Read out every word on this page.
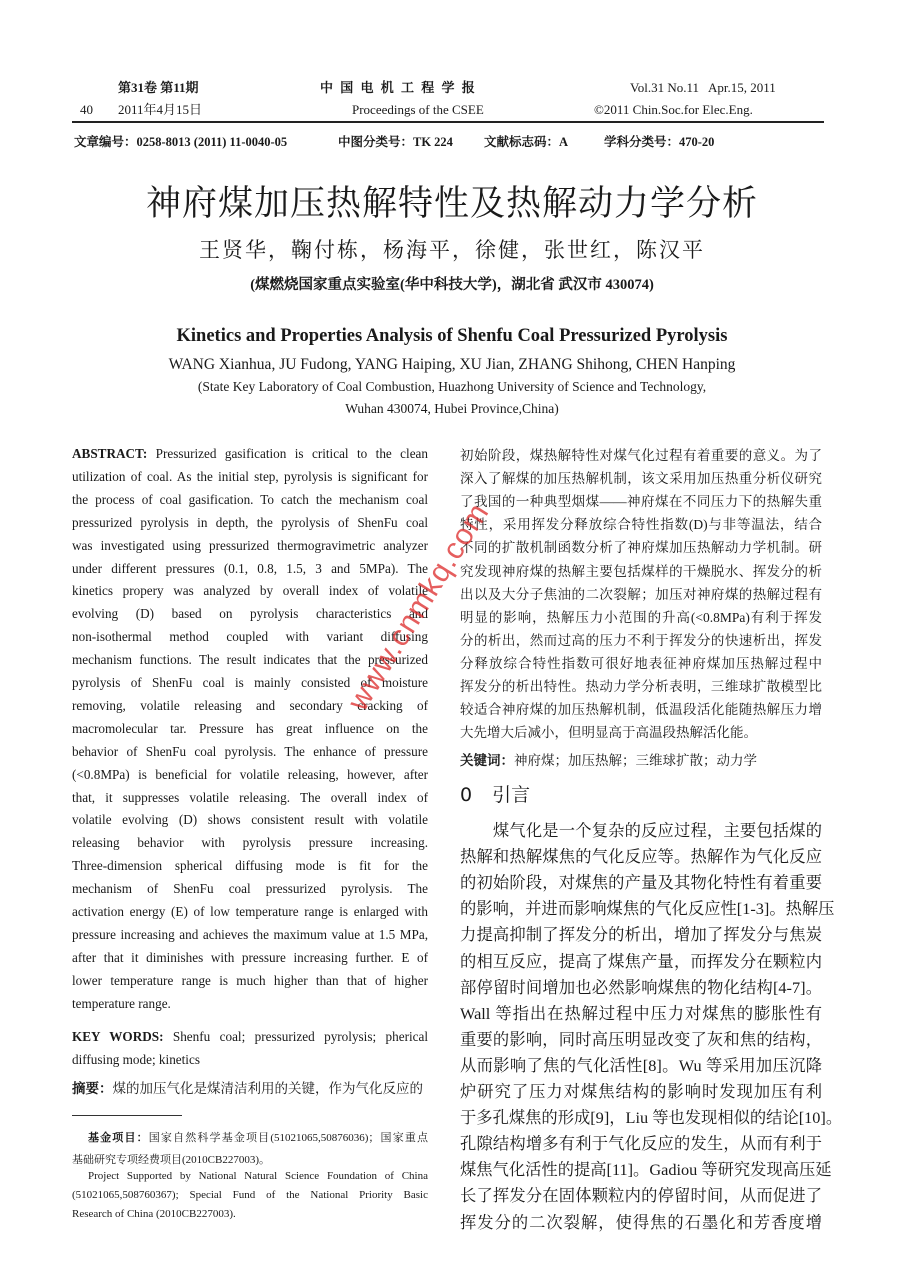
第31卷 第11期
40 2011年4月15日
中 国 电 机 工 程 学 报
Proceedings of the CSEE
Vol.31 No.11   Apr.15, 2011
©2011 Chin.Soc.for Elec.Eng.
文章编号：0258-8013 (2011) 11-0040-05	中图分类号：TK 224 文献标志码：A	学科分类号：470-20
神府煤加压热解特性及热解动力学分析
王贤华，鞠付栋，杨海平，徐健，张世红，陈汉平
(煤燃烧国家重点实验室(华中科技大学)，湖北省 武汉市 430074)
Kinetics and Properties Analysis of Shenfu Coal Pressurized Pyrolysis
WANG Xianhua, JU Fudong, YANG Haiping, XU Jian, ZHANG Shihong, CHEN Hanping
(State Key Laboratory of Coal Combustion, Huazhong University of Science and Technology,
Wuhan 430074, Hubei Province,China)
ABSTRACT: Pressurized gasification is critical to the clean
utilization of coal. As the initial step, pyrolysis is significant for
the process of coal gasification. To catch the mechanism coal
pressurized pyrolysis in depth, the pyrolysis of ShenFu coal
was investigated using pressurized thermogravimetric analyzer
under different pressures (0.1, 0.8, 1.5, 3 and 5MPa). The
kinetics propery was analyzed by overall index of volatile
evolving (D) based on pyrolysis characteristics and
non-isothermal method coupled with variant diffusing
mechanism functions. The result indicates that the pressurized
pyrolysis of ShenFu coal is mainly consisted of moisture
removing, volatile releasing and secondary cracking of
macromolecular tar. Pressure has great influence on the
behavior of ShenFu coal pyrolysis. The enhance of pressure
(<0.8MPa) is beneficial for volatile releasing, however, after
that, it suppresses volatile releasing. The overall index of
volatile evolving (D) shows consistent result with volatile
releasing behavior with pyrolysis pressure increasing.
Three-dimension spherical diffusing mode is fit for the
mechanism of ShenFu coal pressurized pyrolysis. The
activation energy (E) of low temperature range is enlarged with
pressure increasing and achieves the maximum value at 1.5 MPa,
after that it diminishes with pressure increasing further. E of
lower temperature range is much higher than that of higher
temperature range.
KEY WORDS: Shenfu coal; pressurized pyrolysis; pherical
diffusing mode; kinetics
摘要：煤的加压气化是煤清洁利用的关键，作为气化反应的
基金项目：国家自然科学基金项目(51021065,50876036)；国家重点
基础研究专项经费项目(2010CB227003)。
Project Supported by National Natural Science Foundation of China
(51021065,508760367); Special Fund of the National Priority Basic
Research of China (2010CB227003).
初始阶段，煤热解特性对煤气化过程有着重要的意义。为了
深入了解煤的加压热解机制，该文采用加压热重分析仪研究
了我国的一种典型烟煤——神府煤在不同压力下的热解失重
特性，采用挥发分释放综合特性指数(D)与非等温法，结合
不同的扩散机制函数分析了神府煤加压热解动力学机制。研
究发现神府煤的热解主要包括煤样的干燥脱水、挥发分的析
出以及大分子焦油的二次裂解；加压对神府煤的热解过程有
明显的影响，热解压力小范围的升高(<0.8MPa)有利于挥发
分的析出，然而过高的压力不利于挥发分的快速析出，挥发
分释放综合特性指数可很好地表征神府煤加压热解过程中
挥发分的析出特性。热动力学分析表明，三维球扩散模型比
较适合神府煤的加压热解机制，低温段活化能随热解压力增
大先增大后减小，但明显高于高温段热解活化能。
关键词：神府煤；加压热解；三维球扩散；动力学
0 引言
　　煤气化是一个复杂的反应过程，主要包括煤的
热解和热解煤焦的气化反应等。热解作为气化反应
的初始阶段，对煤焦的产量及其物化特性有着重要
的影响，并进而影响煤焦的气化反应性[1-3]。热解压
力提高抑制了挥发分的析出，增加了挥发分与焦炭
的相互反应，提高了煤焦产量，而挥发分在颗粒内
部停留时间增加也必然影响煤焦的物化结构[4-7]。
Wall 等指出在热解过程中压力对煤焦的膨胀性有
重要的影响，同时高压明显改变了灰和焦的结构，
从而影响了焦的气化活性[8]。Wu 等采用加压沉降
炉研究了压力对煤焦结构的影响时发现加压有利
于多孔煤焦的形成[9]，Liu 等也发现相似的结论[10]。
孔隙结构增多有利于气化反应的发生，从而有利于
煤焦气化活性的提高[11]。Gadiou 等研究发现高压延
长了挥发分在固体颗粒内的停留时间，从而促进了
挥发分的二次裂解，使得焦的石墨化和芳香度增
www.cnmkq.com
